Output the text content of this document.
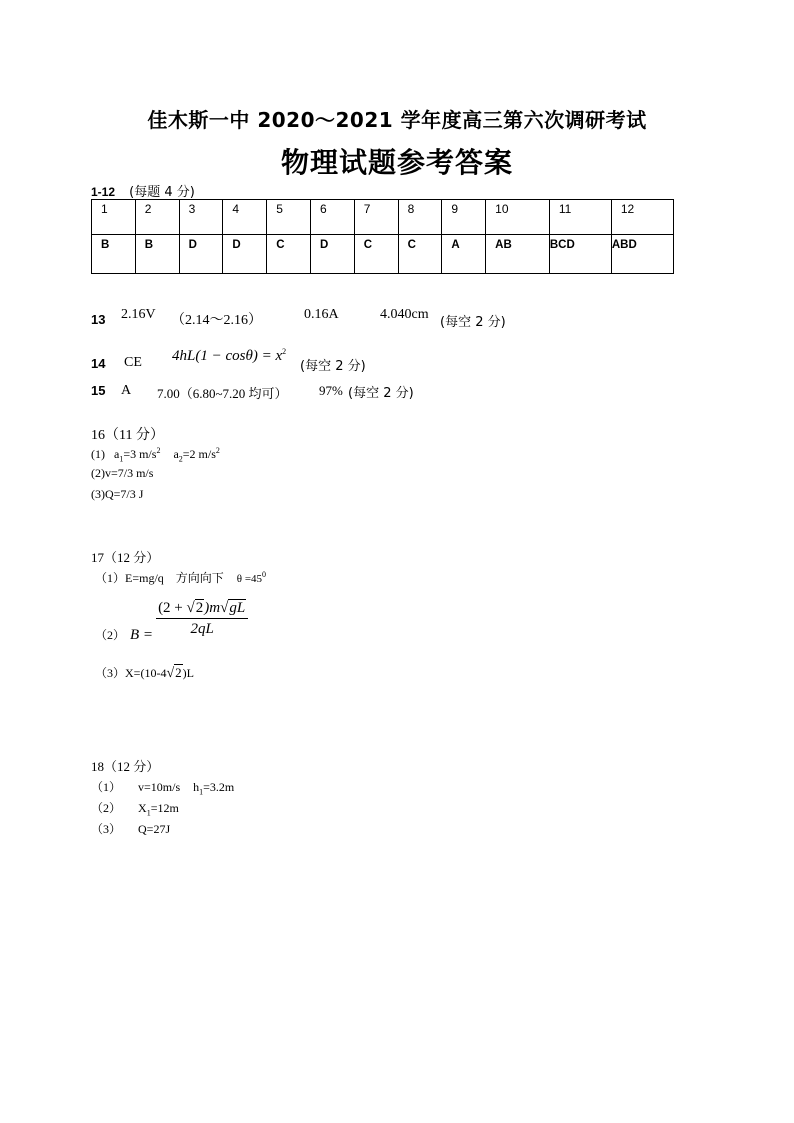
佳木斯一中 2020～2021 学年度高三第六次调研考试
物理试题参考答案
1-12 (每题 4 分)
1	2	3	4	5	6	7	8	9	10	11	12
B	B	D	D	C	D	C	C	A	AB	BCD	ABD
13 2.16V （2.14～2.16）	0.16A	4.040cm
(每空 2 分)
14 CE $4hL(1 - \cos\theta) = x^2$
(每空 2 分)
15 A 7.00（6.80~7.20 均可） 97% (每空 2 分)
16（11 分）
(1) $a_1=3$ $m/s^2$ $a_2=2$ $m/s^2$
(2)v=7/3 m/s
(3)Q=7/3 J
17（12 分）
（1）E=mg/q　方向向下 $\theta =45^0$
（2） $B = \frac{(2 + √2)m√gL}{2qL}$
（3）X=(10-4√2)L
18（12 分）
（1） v=10m/s $h_1=3.2m$
（2） $X_1=12m$
（3） Q=27J
